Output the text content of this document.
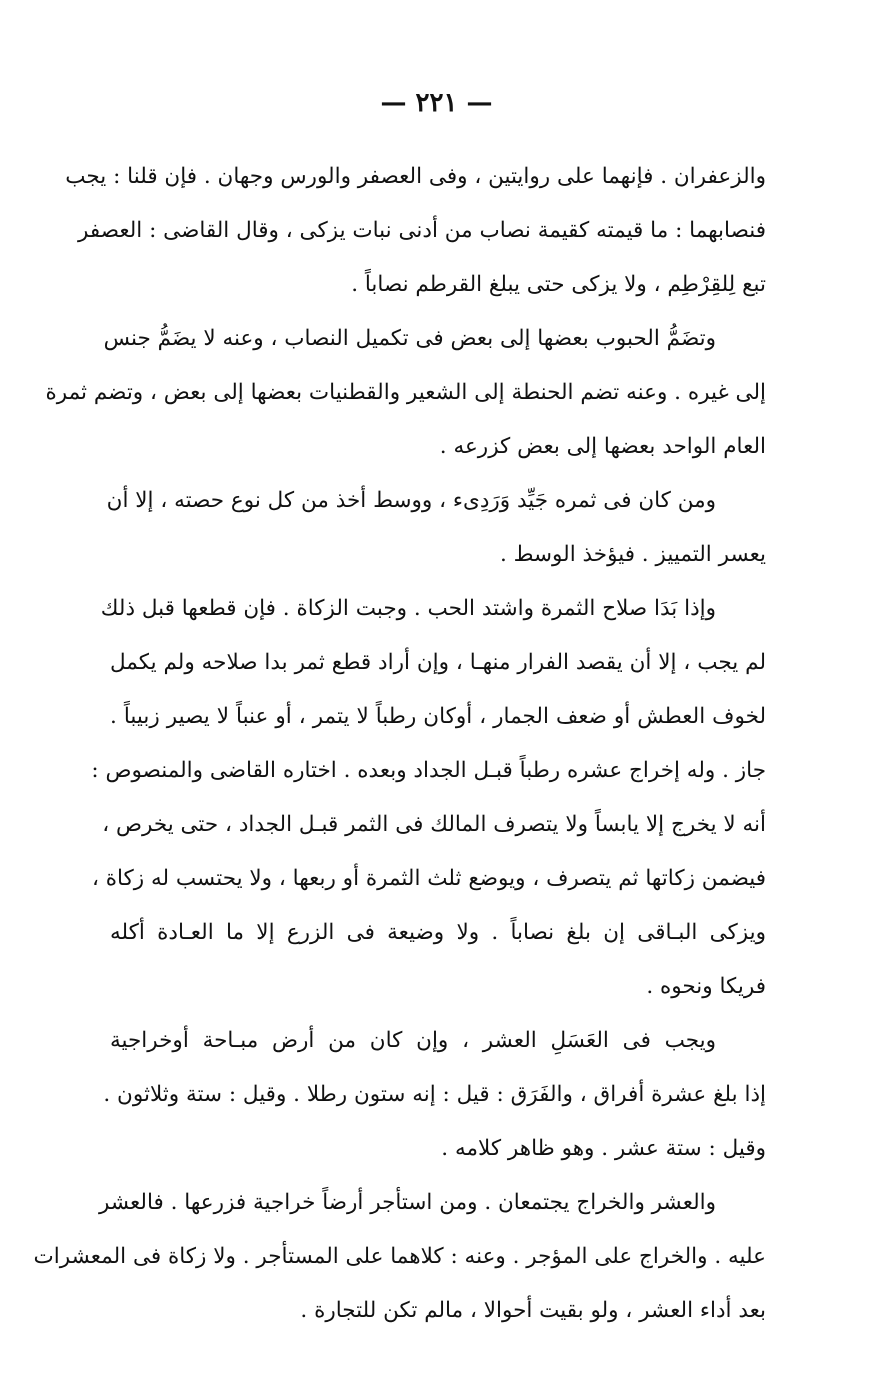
— ٢٢١ —
والزعفران . فإنهما على روايتين ، وفى العصفر والورس وجهان . فإن قلنا : يجب
فنصابهما : ما قيمته كقيمة نصاب من أدنى نبات يزكى ، وقال القاضى : العصفر
تبع لِلقِرْطِم ، ولا يزكى حتى يبلغ القرطم نصاباً .
وتضَمُّ الحبوب بعضها إلى بعض فى تكميل النصاب ، وعنه لا يضَمُّ جنس
إلى غيره . وعنه تضم الحنطة إلى الشعير والقطنيات بعضها إلى بعض ، وتضم ثمرة
العام الواحد بعضها إلى بعض كزرعه .
ومن كان فى ثمره جَيِّد وَرَدِىء ، ووسط أخذ من كل نوع حصته ، إلا أن
يعسر التمييز . فيؤخذ الوسط .
وإذا بَدَا صلاح الثمرة واشتد الحب . وجبت الزكاة . فإن قطعها قبل ذلك
لم يجب ، إلا أن يقصد الفرار منهـا ، وإن أراد قطع ثمر بدا صلاحه ولم يكمل
لخوف العطش أو ضعف الجمار ، أوكان رطباً لا يتمر ، أو عنباً لا يصير زبيباً .
جاز . وله إخراج عشره رطباً قبـل الجداد وبعده . اختاره القاضى والمنصوص :
أنه لا يخرج إلا يابساً ولا يتصرف المالك فى الثمر قبـل الجداد ، حتى يخرص ،
فيضمن زكاتها ثم يتصرف ، ويوضع ثلث الثمرة أو ربعها ، ولا يحتسب له زكاة ،
ويزكى البـاقى إن بلغ نصاباً . ولا وضيعة فى الزرع إلا ما العـادة أكله
فريكا ونحوه .
ويجب فى العَسَلِ العشر ، وإن كان من أرض مبـاحة أوخراجية
إذا بلغ عشرة أفراق ، والفَرَق : قيل : إنه ستون رطلا . وقيل : ستة وثلاثون .
وقيل : ستة عشر . وهو ظاهر كلامه .
والعشر والخراج يجتمعان . ومن استأجر أرضاً خراجية فزرعها . فالعشر
عليه . والخراج على المؤجر . وعنه : كلاهما على المستأجر . ولا زكاة فى المعشرات
بعد أداء العشر ، ولو بقيت أحوالا ، مالم تكن للتجارة .
